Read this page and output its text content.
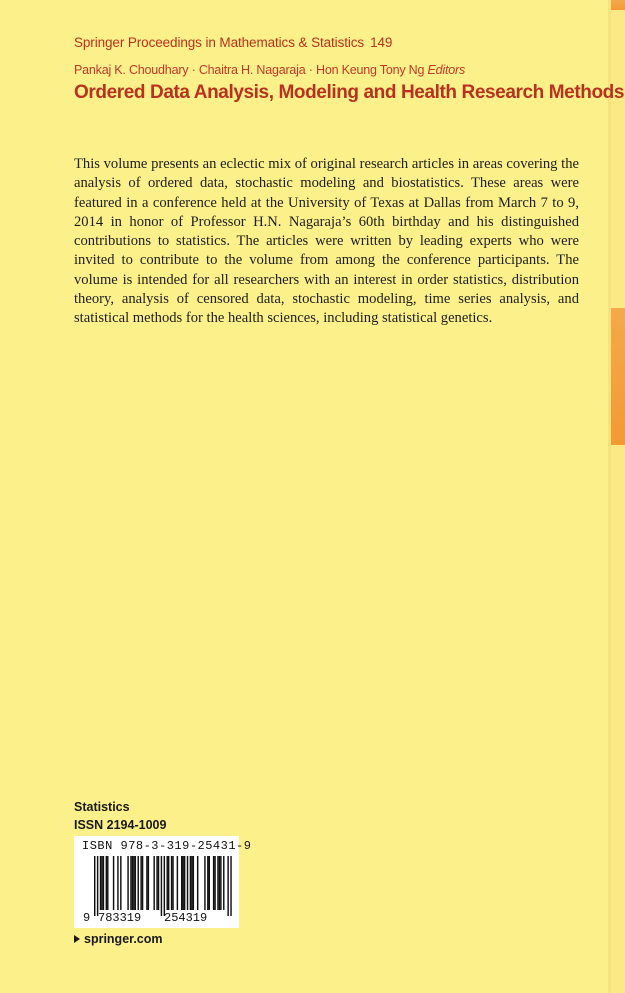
Springer Proceedings in Mathematics & Statistics 149
Pankaj K. Choudhary · Chaitra H. Nagaraja · Hon Keung Tony Ng Editors
Ordered Data Analysis, Modeling and Health Research Methods

This volume presents an eclectic mix of original research articles in areas covering the analysis of ordered data, stochastic modeling and biostatistics. These areas were featured in a conference held at the University of Texas at Dallas from March 7 to 9, 2014 in honor of Professor H.N. Nagaraja’s 60th birthday and his distinguished contributions to statistics. The articles were written by leading experts who were invited to contribute to the volume from among the conference participants. The volume is intended for all researchers with an interest in order statistics, distribution theory, analysis of censored data, stochastic modeling, time series analysis, and statistical methods for the health sciences, including statistical genetics.

Statistics
ISSN 2194-1009
ISBN 978-3-319-25431-9
9 783319 254319
springer.com
